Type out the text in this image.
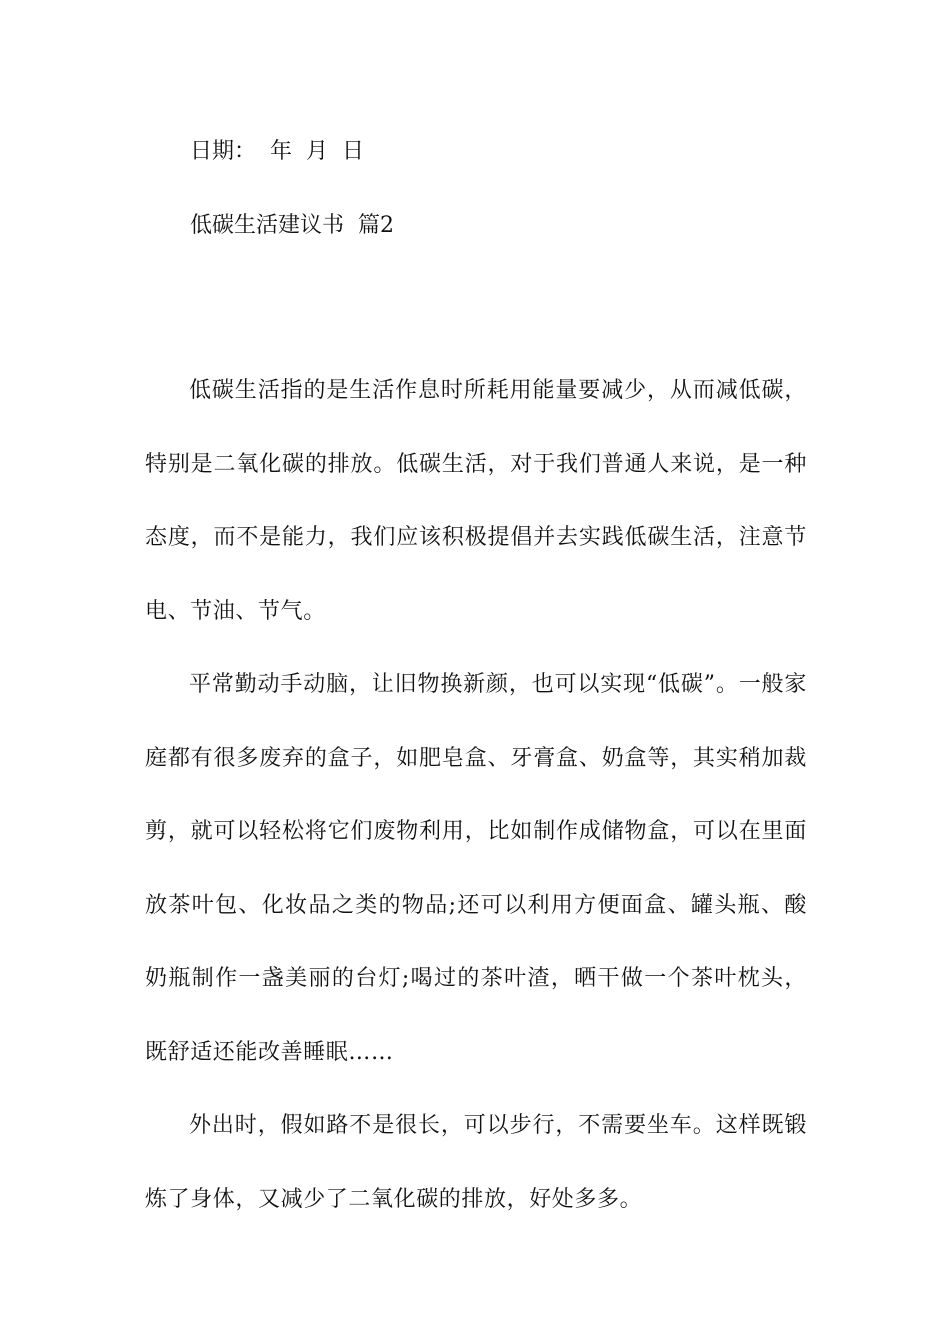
日期：  年  月  日
低碳生活建议书  篇2

低碳生活指的是生活作息时所耗用能量要减少，从而减低碳，特别是二氧化碳的排放。低碳生活，对于我们普通人来说，是一种态度，而不是能力，我们应该积极提倡并去实践低碳生活，注意节电、节油、节气。

平常勤动手动脑，让旧物换新颜，也可以实现“低碳”。一般家庭都有很多废弃的盒子，如肥皂盒、牙膏盒、奶盒等，其实稍加裁剪，就可以轻松将它们废物利用，比如制作成储物盒，可以在里面放茶叶包、化妆品之类的物品;还可以利用方便面盒、罐头瓶、酸奶瓶制作一盏美丽的台灯;喝过的茶叶渣，晒干做一个茶叶枕头，既舒适还能改善睡眠……

外出时，假如路不是很长，可以步行，不需要坐车。这样既锻炼了身体，又减少了二氧化碳的排放，好处多多。
